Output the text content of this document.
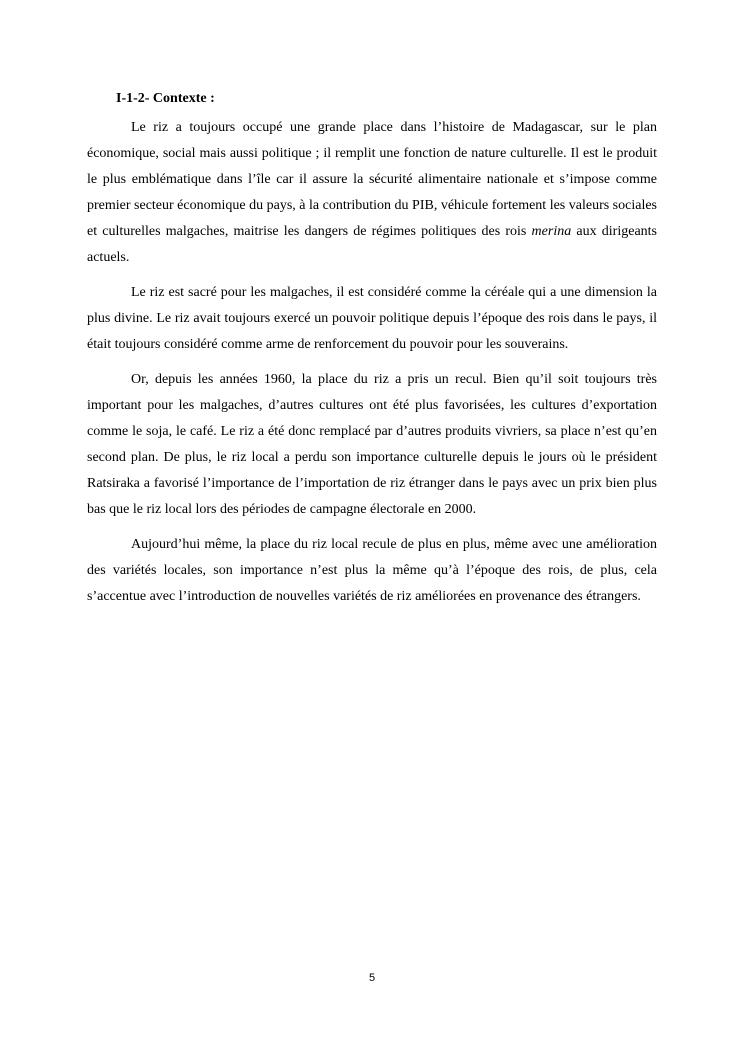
I-1-2- Contexte :

Le riz a toujours occupé une grande place dans l’histoire de Madagascar, sur le plan économique, social mais aussi politique ; il remplit une fonction de nature culturelle. Il est le produit le plus emblématique dans l’île car il assure la sécurité alimentaire nationale et s’impose comme premier secteur économique du pays, à la contribution du PIB, véhicule fortement les valeurs sociales et culturelles malgaches, maitrise les dangers de régimes politiques des rois merina aux dirigeants actuels.

Le riz est sacré pour les malgaches, il est considéré comme la céréale qui a une dimension la plus divine. Le riz avait toujours exercé un pouvoir politique depuis l’époque des rois dans le pays, il était toujours considéré comme arme de renforcement du pouvoir pour les souverains.

Or, depuis les années 1960, la place du riz a pris un recul. Bien qu’il soit toujours très important pour les malgaches, d’autres cultures ont été plus favorisées, les cultures d’exportation comme le soja, le café. Le riz a été donc remplacé par d’autres produits vivriers, sa place n’est qu’en second plan. De plus, le riz local a perdu son importance culturelle depuis le jours où le président Ratsiraka a favorisé l’importance de l’importation de riz étranger dans le pays avec un prix bien plus bas que le riz local lors des périodes de campagne électorale en 2000.

Aujourd’hui même, la place du riz local recule de plus en plus, même avec une amélioration des variétés locales, son importance n’est plus la même qu’à l’époque des rois, de plus, cela s’accentue avec l’introduction de nouvelles variétés de riz améliorées en provenance des étrangers.

5
